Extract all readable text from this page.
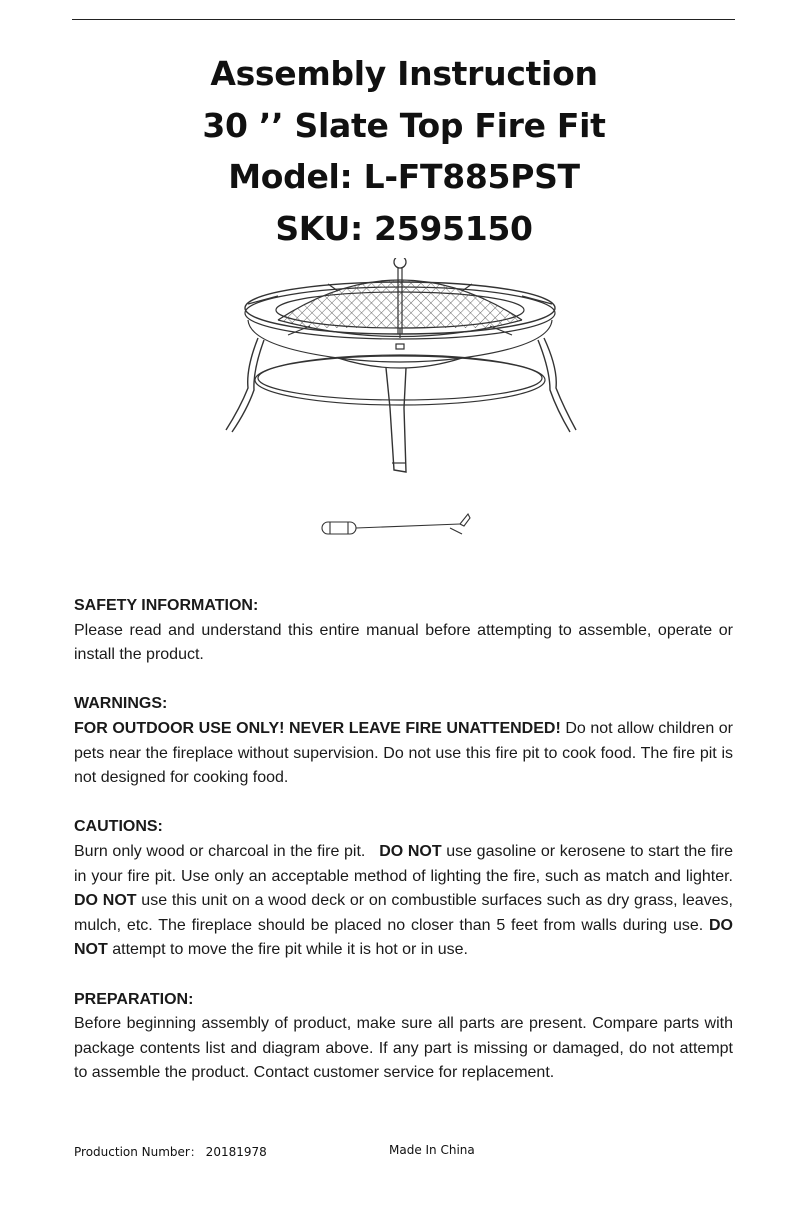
Assembly Instruction
30 ’’ Slate Top Fire Fit
Model: L-FT885PST
SKU: 2595150
SAFETY INFORMATION:
Please read and understand this entire manual before attempting to assemble, operate or install the product.
WARNINGS:
FOR OUTDOOR USE ONLY! NEVER LEAVE FIRE UNATTENDED! Do not allow children or pets near the fireplace without supervision. Do not use this fire pit to cook food. The fire pit is not designed for cooking food.
CAUTIONS:
Burn only wood or charcoal in the fire pit.   DO NOT use gasoline or kerosene to start the fire in your fire pit. Use only an acceptable method of lighting the fire, such as match and lighter. DO NOT use this unit on a wood deck or on combustible surfaces such as dry grass, leaves, mulch, etc. The fireplace should be placed no closer than 5 feet from walls during use. DO NOT attempt to move the fire pit while it is hot or in use.
PREPARATION:
Before beginning assembly of product, make sure all parts are present. Compare parts with package contents list and diagram above. If any part is missing or damaged, do not attempt to assemble the product. Contact customer service for replacement.
Production Number： 20181978	Made In China
